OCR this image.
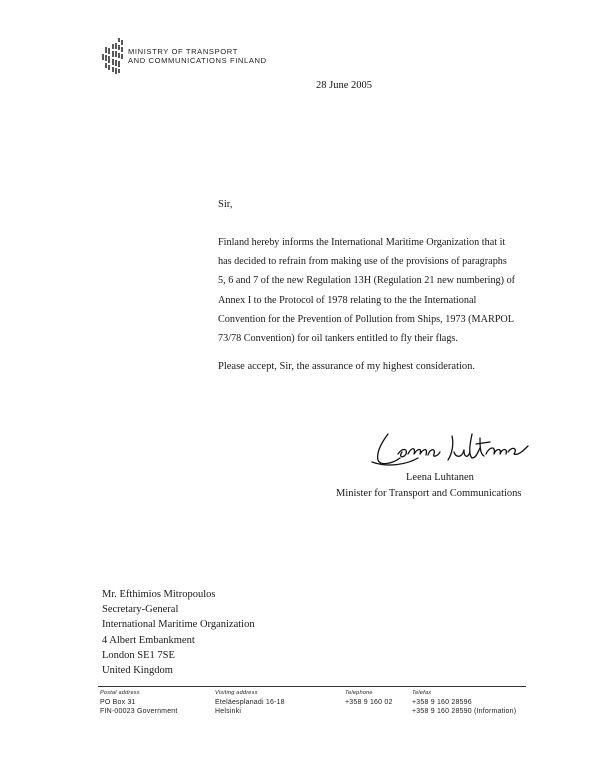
MINISTRY OF TRANSPORT
AND COMMUNICATIONS FINLAND
28 June 2005
Sir,
Finland hereby informs the International Maritime Organization that it
has decided to refrain from making use of the provisions of paragraphs
5, 6 and 7 of the new Regulation 13H (Regulation 21 new numbering) of
Annex I to the Protocol of 1978 relating to the the International
Convention for the Prevention of Pollution from Ships, 1973 (MARPOL
73/78 Convention) for oil tankers entitled to fly their flags.
Please accept, Sir, the assurance of my highest consideration.
Leena Luhtanen
Minister for Transport and Communications
Mr. Efthimios Mitropoulos
Secretary-General
International Maritime Organization
4 Albert Embankment
London SE1 7SE
United Kingdom
Postal address
PO Box 31
FIN-00023 Government
Visiting address
Eteläesplanadi 16-18
Helsinki
Telephone
+358 9 160 02
Telefax
+358 9 160 28596
+358 9 160 28590 (Information)
